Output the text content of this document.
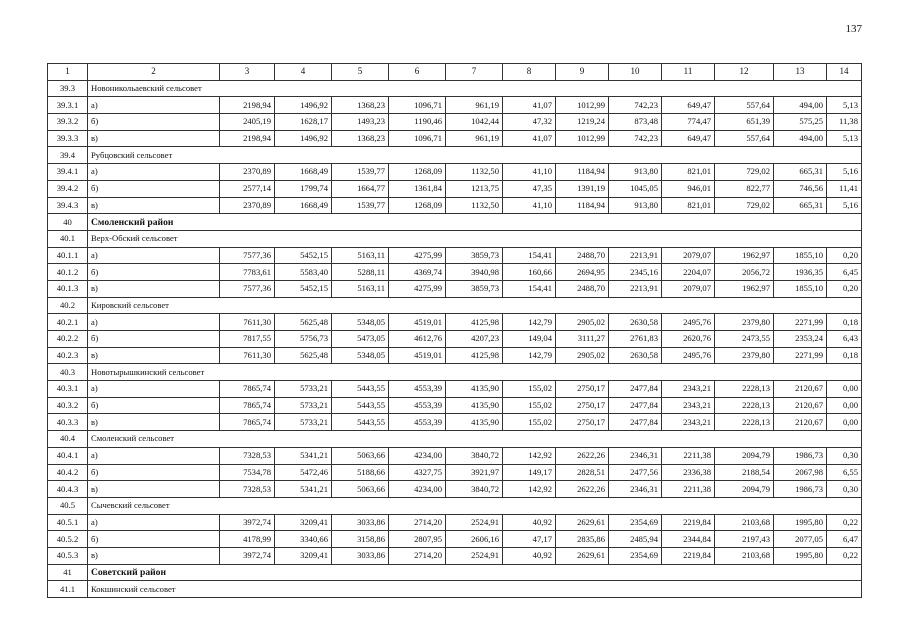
137
1	2	3	4	5	6	7	8	9	10	11	12	13	14
39.3	Новоникольаевский сельсовет												
39.3.1	а)	2198,94	1496,92	1368,23	1096,71	961,19	41,07	1012,99	742,23	649,47	557,64	494,00	5,13
39.3.2	б)	2405,19	1628,17	1493,23	1190,46	1042,44	47,32	1219,24	873,48	774,47	651,39	575,25	11,38
39.3.3	в)	2198,94	1496,92	1368,23	1096,71	961,19	41,07	1012,99	742,23	649,47	557,64	494,00	5,13
39.4	Рубцовский сельсовет												
39.4.1	а)	2370,89	1668,49	1539,77	1268,09	1132,50	41,10	1184,94	913,80	821,01	729,02	665,31	5,16
39.4.2	б)	2577,14	1799,74	1664,77	1361,84	1213,75	47,35	1391,19	1045,05	946,01	822,77	746,56	11,41
39.4.3	в)	2370,89	1668,49	1539,77	1268,09	1132,50	41,10	1184,94	913,80	821,01	729,02	665,31	5,16
40	Смоленский район												
40.1	Верх-Обский сельсовет												
40.1.1	а)	7577,36	5452,15	5163,11	4275,99	3859,73	154,41	2488,70	2213,91	2079,07	1962,97	1855,10	0,20
40.1.2	б)	7783,61	5583,40	5288,11	4369,74	3940,98	160,66	2694,95	2345,16	2204,07	2056,72	1936,35	6,45
40.1.3	в)	7577,36	5452,15	5163,11	4275,99	3859,73	154,41	2488,70	2213,91	2079,07	1962,97	1855,10	0,20
40.2	Кировский сельсовет												
40.2.1	а)	7611,30	5625,48	5348,05	4519,01	4125,98	142,79	2905,02	2630,58	2495,76	2379,80	2271,99	0,18
40.2.2	б)	7817,55	5756,73	5473,05	4612,76	4207,23	149,04	3111,27	2761,83	2620,76	2473,55	2353,24	6,43
40.2.3	в)	7611,30	5625,48	5348,05	4519,01	4125,98	142,79	2905,02	2630,58	2495,76	2379,80	2271,99	0,18
40.3	Новотырышкинский сельсовет												
40.3.1	а)	7865,74	5733,21	5443,55	4553,39	4135,90	155,02	2750,17	2477,84	2343,21	2228,13	2120,67	0,00
40.3.2	б)	7865,74	5733,21	5443,55	4553,39	4135,90	155,02	2750,17	2477,84	2343,21	2228,13	2120,67	0,00
40.3.3	в)	7865,74	5733,21	5443,55	4553,39	4135,90	155,02	2750,17	2477,84	2343,21	2228,13	2120,67	0,00
40.4	Смоленский сельсовет												
40.4.1	а)	7328,53	5341,21	5063,66	4234,00	3840,72	142,92	2622,26	2346,31	2211,38	2094,79	1986,73	0,30
40.4.2	б)	7534,78	5472,46	5188,66	4327,75	3921,97	149,17	2828,51	2477,56	2336,38	2188,54	2067,98	6,55
40.4.3	в)	7328,53	5341,21	5063,66	4234,00	3840,72	142,92	2622,26	2346,31	2211,38	2094,79	1986,73	0,30
40.5	Сычевский сельсовет												
40.5.1	а)	3972,74	3209,41	3033,86	2714,20	2524,91	40,92	2629,61	2354,69	2219,84	2103,68	1995,80	0,22
40.5.2	б)	4178,99	3340,66	3158,86	2807,95	2606,16	47,17	2835,86	2485,94	2344,84	2197,43	2077,05	6,47
40.5.3	в)	3972,74	3209,41	3033,86	2714,20	2524,91	40,92	2629,61	2354,69	2219,84	2103,68	1995,80	0,22
41	Советский район												
41.1	Кокшинский сельсовет												
